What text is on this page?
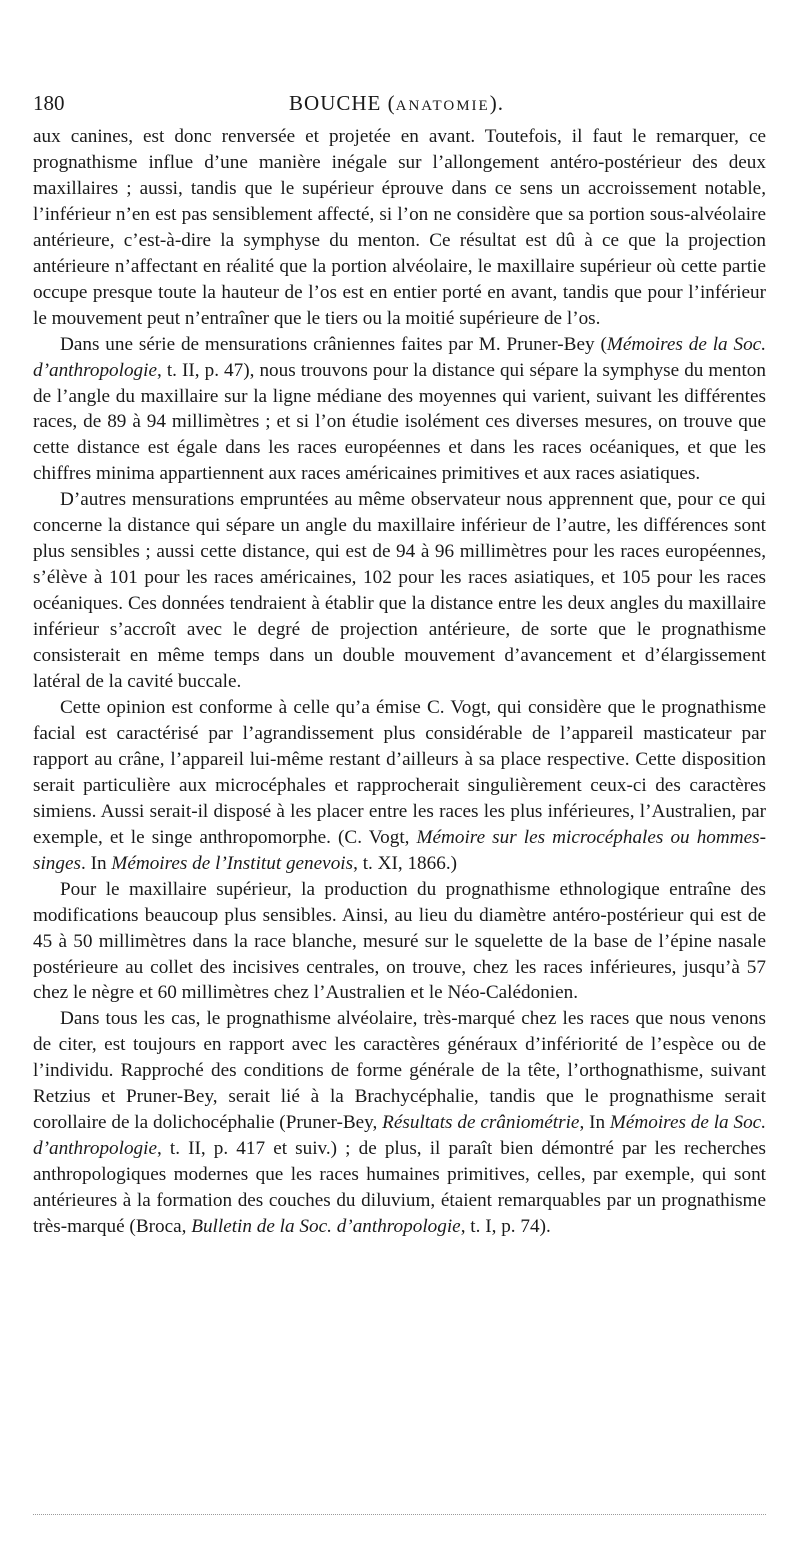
180	BOUCHE (anatomie).

aux canines, est donc renversée et projetée en avant. Toutefois, il faut le remarquer, ce prognathisme influe d’une manière inégale sur l’allongement antéro-postérieur des deux maxillaires ; aussi, tandis que le supérieur éprouve dans ce sens un accroissement notable, l’inférieur n’en est pas sensiblement affecté, si l’on ne considère que sa portion sous-alvéolaire antérieure, c’est-à-dire la symphyse du menton. Ce résultat est dû à ce que la projection antérieure n’affectant en réalité que la portion alvéolaire, le maxillaire supérieur où cette partie occupe presque toute la hauteur de l’os est en entier porté en avant, tandis que pour l’inférieur le mouvement peut n’entraîner que le tiers ou la moitié supérieure de l’os.

Dans une série de mensurations crâniennes faites par M. Pruner-Bey (Mémoires de la Soc. d’anthropologie, t. II, p. 47), nous trouvons pour la distance qui sépare la symphyse du menton de l’angle du maxillaire sur la ligne médiane des moyennes qui varient, suivant les différentes races, de 89 à 94 millimètres ; et si l’on étudie isolément ces diverses mesures, on trouve que cette distance est égale dans les races européennes et dans les races océaniques, et que les chiffres minima appartiennent aux races américaines primitives et aux races asiatiques.

D’autres mensurations empruntées au même observateur nous apprennent que, pour ce qui concerne la distance qui sépare un angle du maxillaire inférieur de l’autre, les différences sont plus sensibles ; aussi cette distance, qui est de 94 à 96 millimètres pour les races européennes, s’élève à 101 pour les races américaines, 102 pour les races asiatiques, et 105 pour les races océaniques. Ces données tendraient à établir que la distance entre les deux angles du maxillaire inférieur s’accroît avec le degré de projection antérieure, de sorte que le prognathisme consisterait en même temps dans un double mouvement d’avancement et d’élargissement latéral de la cavité buccale.

Cette opinion est conforme à celle qu’a émise C. Vogt, qui considère que le prognathisme facial est caractérisé par l’agrandissement plus considérable de l’appareil masticateur par rapport au crâne, l’appareil lui-même restant d’ailleurs à sa place respective. Cette disposition serait particulière aux microcéphales et rapprocherait singulièrement ceux-ci des caractères simiens. Aussi serait-il disposé à les placer entre les races les plus inférieures, l’Australien, par exemple, et le singe anthropomorphe. (C. Vogt, Mémoire sur les microcéphales ou hommes-singes. In Mémoires de l’Institut genevois, t. XI, 1866.)

Pour le maxillaire supérieur, la production du prognathisme ethnologique entraîne des modifications beaucoup plus sensibles. Ainsi, au lieu du diamètre antéro-postérieur qui est de 45 à 50 millimètres dans la race blanche, mesuré sur le squelette de la base de l’épine nasale postérieure au collet des incisives centrales, on trouve, chez les races inférieures, jusqu’à 57 chez le nègre et 60 millimètres chez l’Australien et le Néo-Calédonien.

Dans tous les cas, le prognathisme alvéolaire, très-marqué chez les races que nous venons de citer, est toujours en rapport avec les caractères généraux d’infériorité de l’espèce ou de l’individu. Rapproché des conditions de forme générale de la tête, l’orthognathisme, suivant Retzius et Pruner-Bey, serait lié à la Brachycéphalie, tandis que le prognathisme serait corollaire de la dolichocéphalie (Pruner-Bey, Résultats de crâniométrie, In Mémoires de la Soc. d’anthropologie, t. II, p. 417 et suiv.) ; de plus, il paraît bien démontré par les recherches anthropologiques modernes que les races humaines primitives, celles, par exemple, qui sont antérieures à la formation des couches du diluvium, étaient remarquables par un prognathisme très-marqué (Broca, Bulletin de la Soc. d’anthropologie, t. I, p. 74).
